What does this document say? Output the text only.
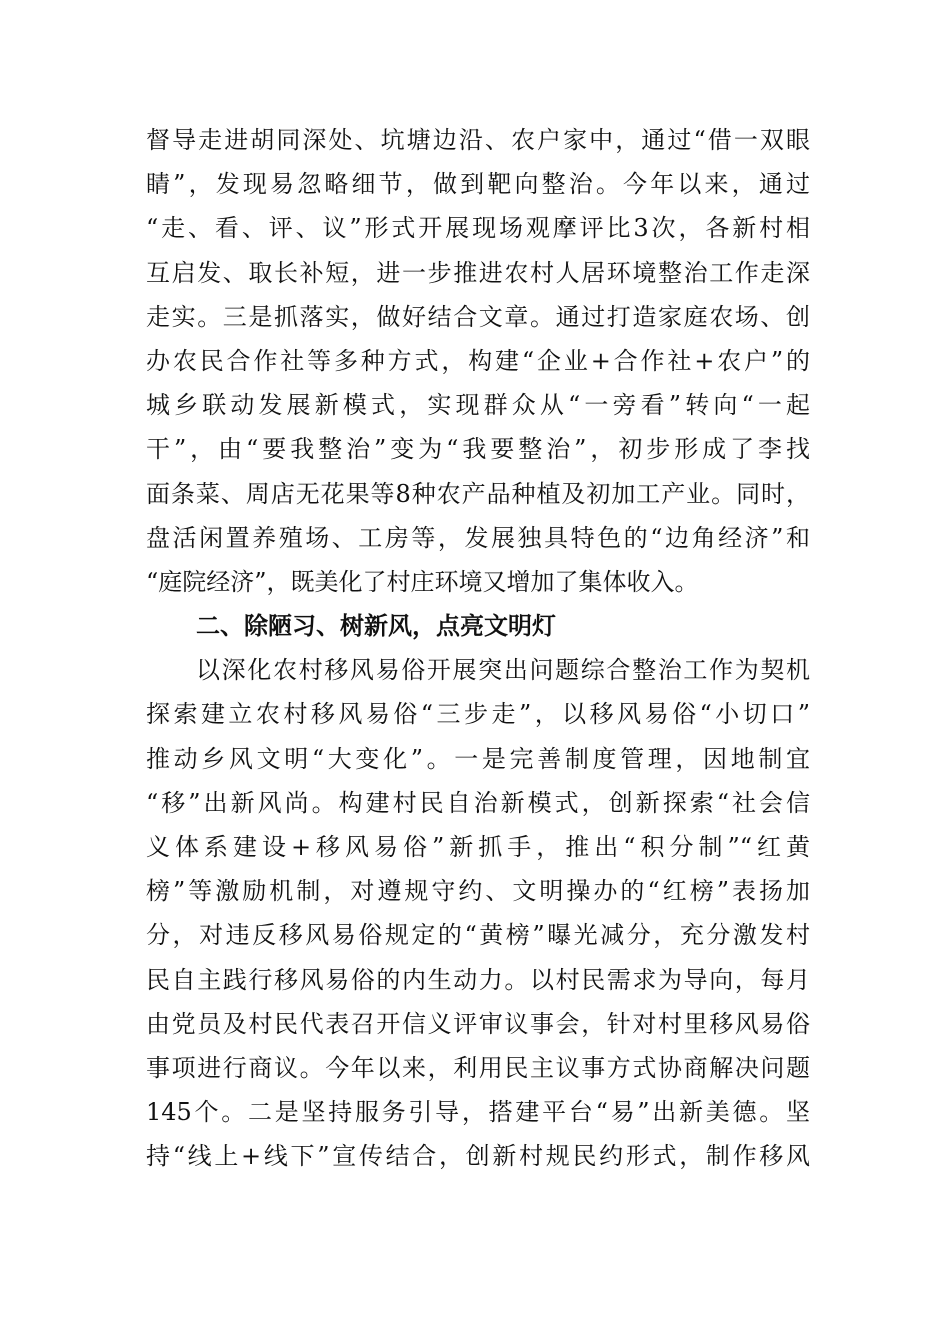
督导走进胡同深处、坑塘边沿、农户家中，通过“借一双眼
睛”，发现易忽略细节，做到靶向整治。今年以来，通过
“走、看、评、议”形式开展现场观摩评比3次，各新村相
互启发、取长补短，进一步推进农村人居环境整治工作走深
走实。三是抓落实，做好结合文章。通过打造家庭农场、创
办农民合作社等多种方式，构建“企业+合作社+农户”的
城乡联动发展新模式，实现群众从“一旁看”转向“一起
干”，由“要我整治”变为“我要整治”，初步形成了李找
面条菜、周店无花果等8种农产品种植及初加工产业。同时，
盘活闲置养殖场、工房等，发展独具特色的“边角经济”和
“庭院经济”，既美化了村庄环境又增加了集体收入。
二、除陋习、树新风，点亮文明灯
以深化农村移风易俗开展突出问题综合整治工作为契机
探索建立农村移风易俗“三步走”，以移风易俗“小切口”
推动乡风文明“大变化”。一是完善制度管理，因地制宜
“移”出新风尚。构建村民自治新模式，创新探索“社会信
义体系建设+移风易俗”新抓手，推出“积分制”“红黄
榜”等激励机制，对遵规守约、文明操办的“红榜”表扬加
分，对违反移风易俗规定的“黄榜”曝光减分，充分激发村
民自主践行移风易俗的内生动力。以村民需求为导向，每月
由党员及村民代表召开信义评审议事会，针对村里移风易俗
事项进行商议。今年以来，利用民主议事方式协商解决问题
145个。二是坚持服务引导，搭建平台“易”出新美德。坚
持“线上+线下”宣传结合，创新村规民约形式，制作移风
